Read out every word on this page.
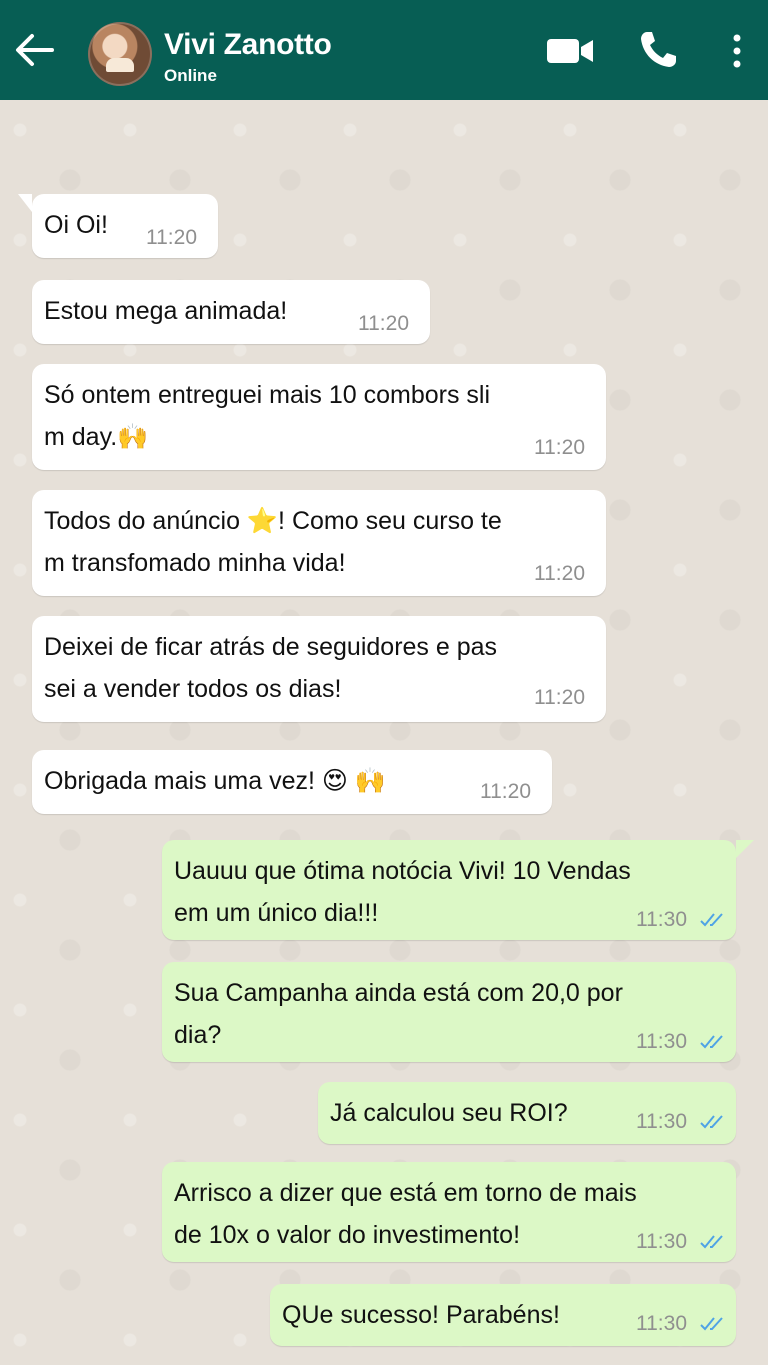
Vivi Zanotto
Online
Oi Oi! 11:20
Estou mega animada!	11:20
Só ontem entreguei mais 10 combors sli
m day.🙌	11:20
Todos do anúncio ⭐! Como seu curso te
m transfomado minha vida!	11:20
Deixei de ficar atrás de seguidores e pas
sei a vender todos os dias!	11:20
Obrigada mais uma vez! 😍 🙌	11:20
Uauuu que ótima notócia Vivi! 10 Vendas
em um único dia!!!	11:30
Sua Campanha ainda está com 20,0 por
dia?	11:30
Já calculou seu ROI?	11:30
Arrisco a dizer que está em torno de mais
de 10x o valor do investimento!	11:30
QUe sucesso! Parabéns!	11:30
